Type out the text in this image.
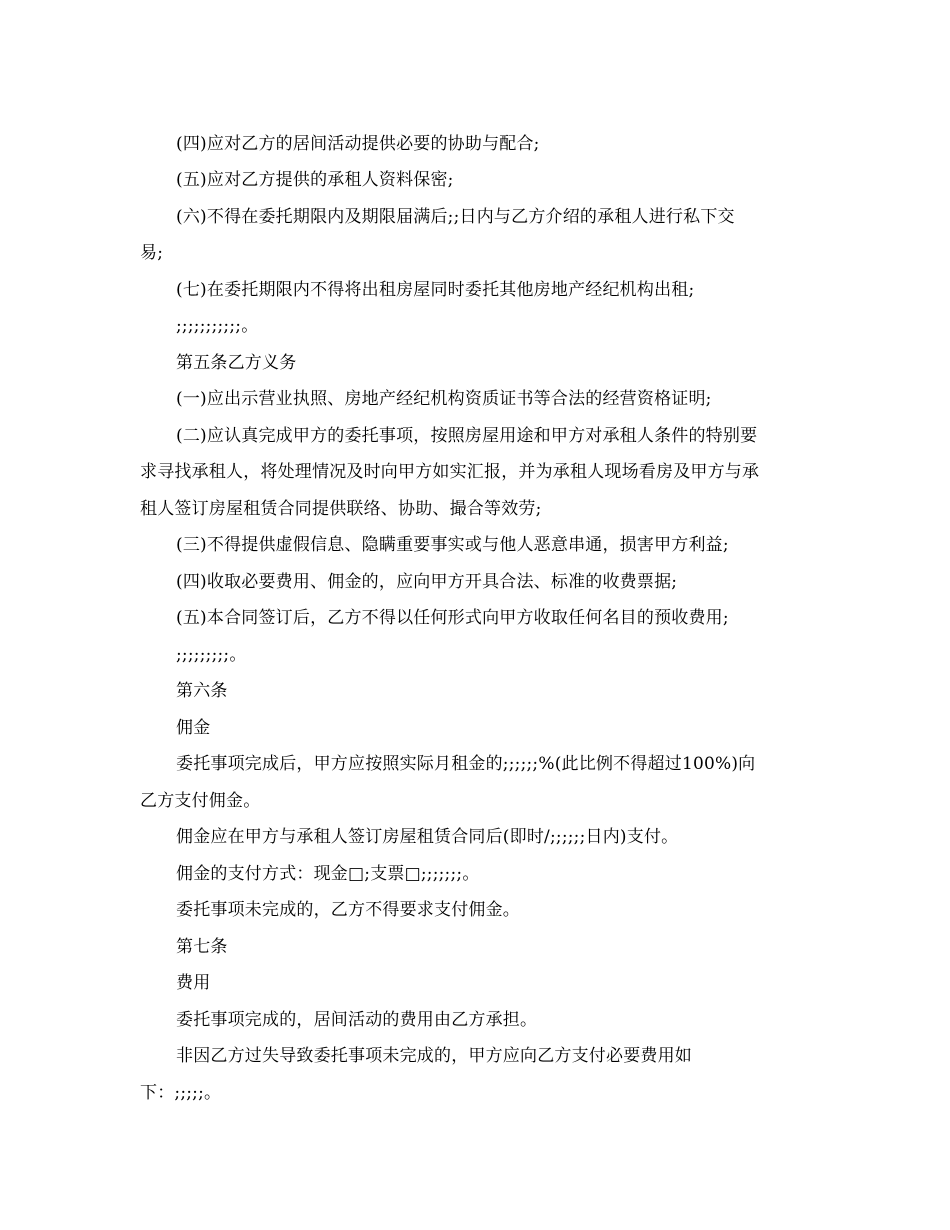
(四)应对乙方的居间活动提供必要的协助与配合;
(五)应对乙方提供的承租人资料保密;
(六)不得在委托期限内及期限届满后;;日内与乙方介绍的承租人进行私下交
易;
(七)在委托期限内不得将出租房屋同时委托其他房地产经纪机构出租;
;;;;;;;;;;;。
第五条乙方义务
(一)应出示营业执照、房地产经纪机构资质证书等合法的经营资格证明;
(二)应认真完成甲方的委托事项，按照房屋用途和甲方对承租人条件的特别要
求寻找承租人，将处理情况及时向甲方如实汇报，并为承租人现场看房及甲方与承
租人签订房屋租赁合同提供联络、协助、撮合等效劳;
(三)不得提供虚假信息、隐瞒重要事实或与他人恶意串通，损害甲方利益;
(四)收取必要费用、佣金的，应向甲方开具合法、标准的收费票据;
(五)本合同签订后，乙方不得以任何形式向甲方收取任何名目的预收费用;
;;;;;;;;;。
第六条
佣金
委托事项完成后，甲方应按照实际月租金的;;;;;;%(此比例不得超过100%)向
乙方支付佣金。
佣金应在甲方与承租人签订房屋租赁合同后(即时/;;;;;;日内)支付。
佣金的支付方式：现金□;支票□;;;;;;;。
委托事项未完成的，乙方不得要求支付佣金。
第七条
费用
委托事项完成的，居间活动的费用由乙方承担。
非因乙方过失导致委托事项未完成的，甲方应向乙方支付必要费用如
下：;;;;;。
